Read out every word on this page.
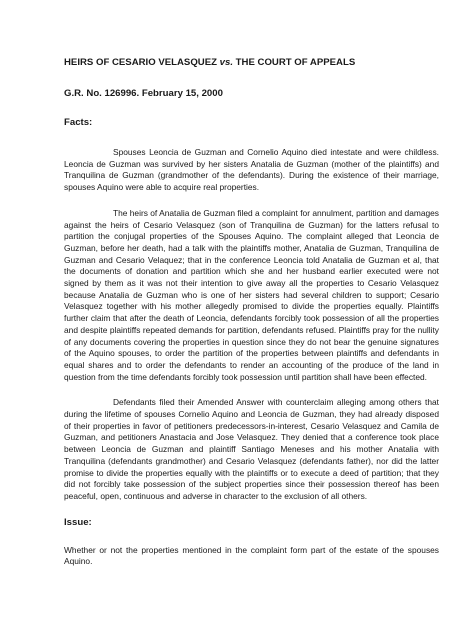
HEIRS OF CESARIO VELASQUEZ vs. THE COURT OF APPEALS

G.R. No. 126996. February 15, 2000

Facts:

Spouses Leoncia de Guzman and Cornelio Aquino died intestate and were childless. Leoncia de Guzman was survived by her sisters Anatalia de Guzman (mother of the plaintiffs) and Tranquilina de Guzman (grandmother of the defendants). During the existence of their marriage, spouses Aquino were able to acquire real properties.

The heirs of Anatalia de Guzman filed a complaint for annulment, partition and damages against the heirs of Cesario Velasquez (son of Tranquilina de Guzman) for the latters refusal to partition the conjugal properties of the Spouses Aquino. The complaint alleged that Leoncia de Guzman, before her death, had a talk with the plaintiffs mother, Anatalia de Guzman, Tranquilina de Guzman and Cesario Velaquez; that in the conference Leoncia told Anatalia de Guzman et al, that the documents of donation and partition which she and her husband earlier executed were not signed by them as it was not their intention to give away all the properties to Cesario Velasquez because Anatalia de Guzman who is one of her sisters had several children to support; Cesario Velasquez together with his mother allegedly promised to divide the properties equally. Plaintiffs further claim that after the death of Leoncia, defendants forcibly took possession of all the properties and despite plaintiffs repeated demands for partition, defendants refused. Plaintiffs pray for the nullity of any documents covering the properties in question since they do not bear the genuine signatures of the Aquino spouses, to order the partition of the properties between plaintiffs and defendants in equal shares and to order the defendants to render an accounting of the produce of the land in question from the time defendants forcibly took possession until partition shall have been effected.

Defendants filed their Amended Answer with counterclaim alleging among others that during the lifetime of spouses Cornelio Aquino and Leoncia de Guzman, they had already disposed of their properties in favor of petitioners predecessors-in-interest, Cesario Velasquez and Camila de Guzman, and petitioners Anastacia and Jose Velasquez. They denied that a conference took place between Leoncia de Guzman and plaintiff Santiago Meneses and his mother Anatalia with Tranquilina (defendants grandmother) and Cesario Velasquez (defendants father), nor did the latter promise to divide the properties equally with the plaintiffs or to execute a deed of partition; that they did not forcibly take possession of the subject properties since their possession thereof has been peaceful, open, continuous and adverse in character to the exclusion of all others.

Issue:

Whether or not the properties mentioned in the complaint form part of the estate of the spouses Aquino.
